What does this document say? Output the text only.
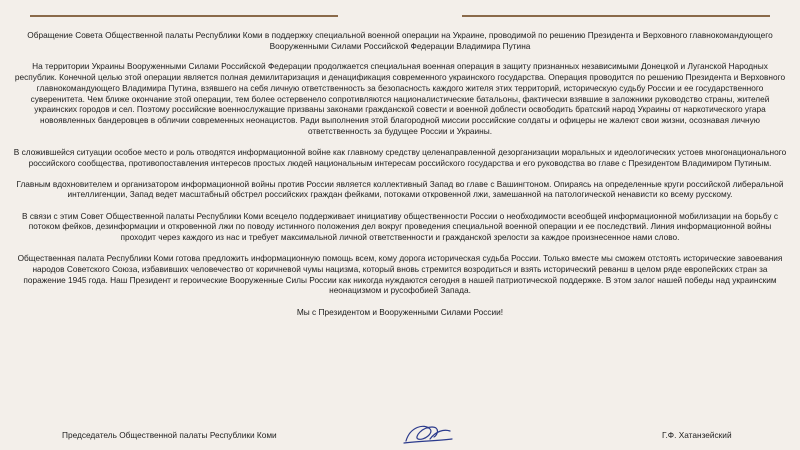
Обращение Совета Общественной палаты Республики Коми в поддержку специальной военной операции на Украине, проводимой по решению Президента и Верховного главнокомандующего Вооруженными Силами Российской Федерации Владимира Путина

На территории Украины Вооруженными Силами Российской Федерации продолжается специальная военная операция в защиту признанных независимыми Донецкой и Луганской Народных республик. Конечной целью этой операции является полная демилитаризация и денацификация современного украинского государства. Операция проводится по решению Президента и Верховного главнокомандующего Владимира Путина, взявшего на себя личную ответственность за безопасность каждого жителя этих территорий, историческую судьбу России и ее государственного суверенитета. Чем ближе окончание этой операции, тем более остервенело сопротивляются националистические батальоны, фактически взявшие в заложники руководство страны, жителей украинских городов и сел. Поэтому российские военнослужащие призваны законами гражданской совести и военной доблести освободить братский народ Украины от наркотического угара новоявленных бандеровцев в обличии современных неонацистов. Ради выполнения этой благородной миссии российские солдаты и офицеры не жалеют свои жизни, осознавая личную ответственность за будущее России и Украины.

В сложившейся ситуации особое место и роль отводятся информационной войне как главному средству целенаправленной дезорганизации моральных и идеологических устоев многонационального российского сообщества, противопоставления интересов простых людей национальным интересам российского государства и его руководства во главе с Президентом Владимиром Путиным.

Главным вдохновителем и организатором информационной войны против России является коллективный Запад во главе с Вашингтоном. Опираясь на определенные круги российской либеральной интеллигенции, Запад ведет масштабный обстрел российских граждан фейками, потоками откровенной лжи, замешанной на патологической ненависти ко всему русскому.

В связи с этим Совет Общественной палаты Республики Коми всецело поддерживает инициативу общественности России о необходимости всеобщей информационной мобилизации на борьбу с потоком фейков, дезинформации и откровенной лжи по поводу истинного положения дел вокруг проведения специальной военной операции и ее последствий. Линия информационной войны проходит через каждого из нас и требует максимальной личной ответственности и гражданской зрелости за каждое произнесенное нами слово.

Общественная палата Республики Коми готова предложить информационную помощь всем, кому дорога историческая судьба России. Только вместе мы сможем отстоять исторические завоевания народов Советского Союза, избавивших человечество от коричневой чумы нацизма, который вновь стремится возродиться и взять исторический реванш в целом ряде европейских стран за поражение 1945 года. Наш Президент и героические Вооруженные Силы России как никогда нуждаются сегодня в нашей патриотической поддержке. В этом залог нашей победы над украинским неонацизмом и русофобией Запада.

Мы с Президентом и Вооруженными Силами России!

Председатель Общественной палаты Республики Коми	Г.Ф. Хатанзейский
